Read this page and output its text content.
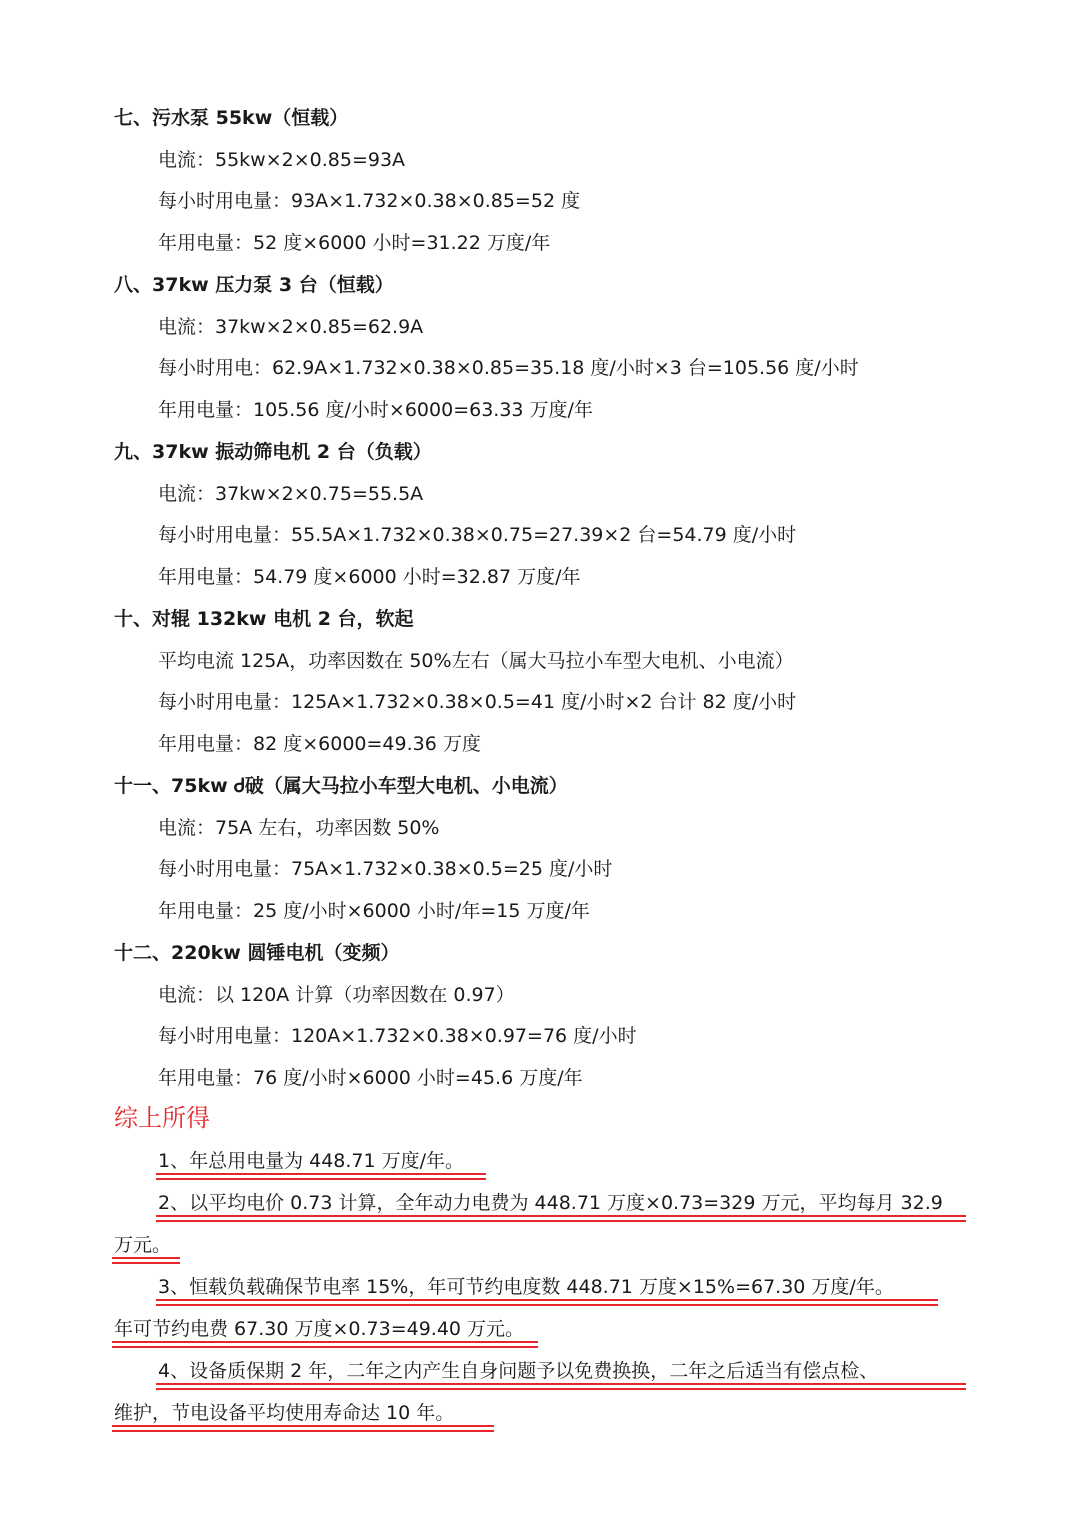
七、污水泵 55kw（恒载）
电流：55kw×2×0.85=93A
每小时用电量：93A×1.732×0.38×0.85=52 度
年用电量：52 度×6000 小时=31.22 万度/年
八、37kw 压力泵 3 台（恒载）
电流：37kw×2×0.85=62.9A
每小时用电：62.9A×1.732×0.38×0.85=35.18 度/小时×3 台=105.56 度/小时
年用电量：105.56 度/小时×6000=63.33 万度/年
九、37kw 振动筛电机 2 台（负载）
电流：37kw×2×0.75=55.5A
每小时用电量：55.5A×1.732×0.38×0.75=27.39×2 台=54.79 度/小时
年用电量：54.79 度×6000 小时=32.87 万度/年
十、对辊 132kw 电机 2 台，软起
平均电流 125A，功率因数在 50%左右（属大马拉小车型大电机、小电流）
每小时用电量：125A×1.732×0.38×0.5=41 度/小时×2 台计 82 度/小时
年用电量：82 度×6000=49.36 万度
十一、75kw Ꮷ破（属大马拉小车型大电机、小电流）
电流：75A 左右，功率因数 50%
每小时用电量：75A×1.732×0.38×0.5=25 度/小时
年用电量：25 度/小时×6000 小时/年=15 万度/年
十二、220kw 圆锤电机（变频）
电流：以 120A 计算（功率因数在 0.97）
每小时用电量：120A×1.732×0.38×0.97=76 度/小时
年用电量：76 度/小时×6000 小时=45.6 万度/年
综上所得
1、年总用电量为 448.71 万度/年。
2、以平均电价 0.73 计算，全年动力电费为 448.71 万度×0.73=329 万元，平均每月 32.9
万元。
3、恒载负载确保节电率 15%，年可节约电度数 448.71 万度×15%=67.30 万度/年。
年可节约电费 67.30 万度×0.73=49.40 万元。
4、设备质保期 2 年，二年之内产生自身问题予以免费换换，二年之后适当有偿点检、
维护，节电设备平均使用寿命达 10 年。
